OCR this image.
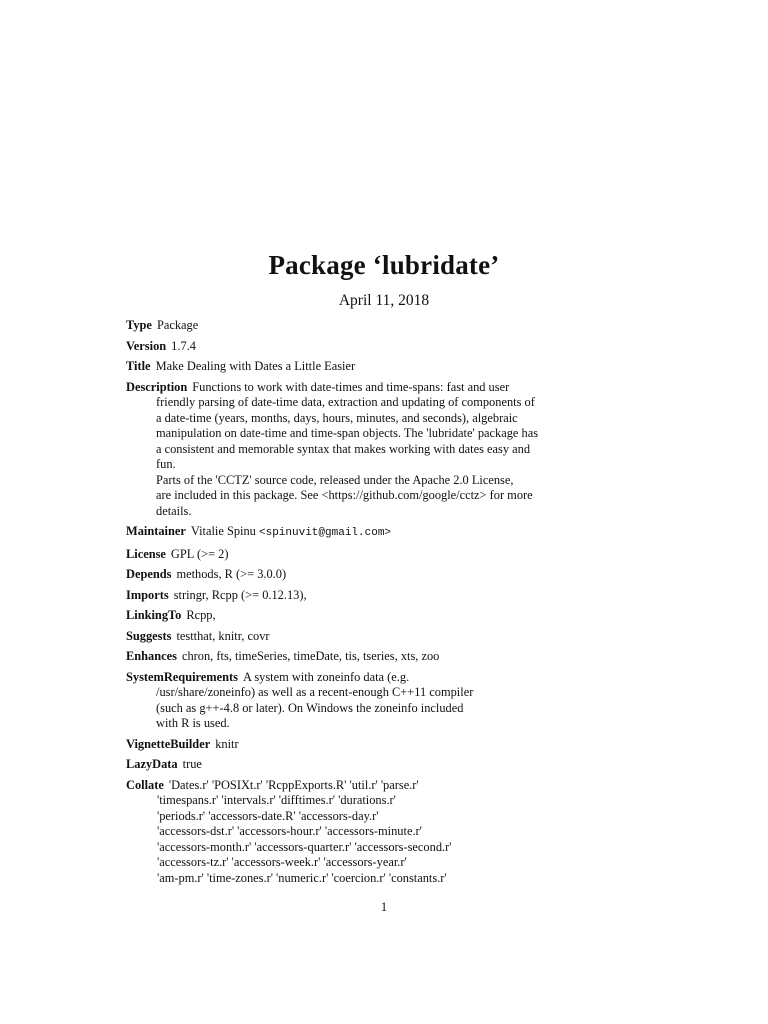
Package ‘lubridate’
April 11, 2018
Type Package
Version 1.7.4
Title Make Dealing with Dates a Little Easier
Description Functions to work with date-times and time-spans: fast and user
friendly parsing of date-time data, extraction and updating of components of
a date-time (years, months, days, hours, minutes, and seconds), algebraic
manipulation on date-time and time-span objects. The 'lubridate' package has
a consistent and memorable syntax that makes working with dates easy and
fun.
Parts of the 'CCTZ' source code, released under the Apache 2.0 License,
are included in this package. See <https://github.com/google/cctz> for more
details.
Maintainer Vitalie Spinu <spinuvit@gmail.com>
License GPL (>= 2)
Depends methods, R (>= 3.0.0)
Imports stringr, Rcpp (>= 0.12.13),
LinkingTo Rcpp,
Suggests testthat, knitr, covr
Enhances chron, fts, timeSeries, timeDate, tis, tseries, xts, zoo
SystemRequirements A system with zoneinfo data (e.g.
/usr/share/zoneinfo) as well as a recent-enough C++11 compiler
(such as g++-4.8 or later). On Windows the zoneinfo included
with R is used.
VignetteBuilder knitr
LazyData true
Collate 'Dates.r' 'POSIXt.r' 'RcppExports.R' 'util.r' 'parse.r'
'timespans.r' 'intervals.r' 'difftimes.r' 'durations.r'
'periods.r' 'accessors-date.R' 'accessors-day.r'
'accessors-dst.r' 'accessors-hour.r' 'accessors-minute.r'
'accessors-month.r' 'accessors-quarter.r' 'accessors-second.r'
'accessors-tz.r' 'accessors-week.r' 'accessors-year.r'
'am-pm.r' 'time-zones.r' 'numeric.r' 'coercion.r' 'constants.r'
1
